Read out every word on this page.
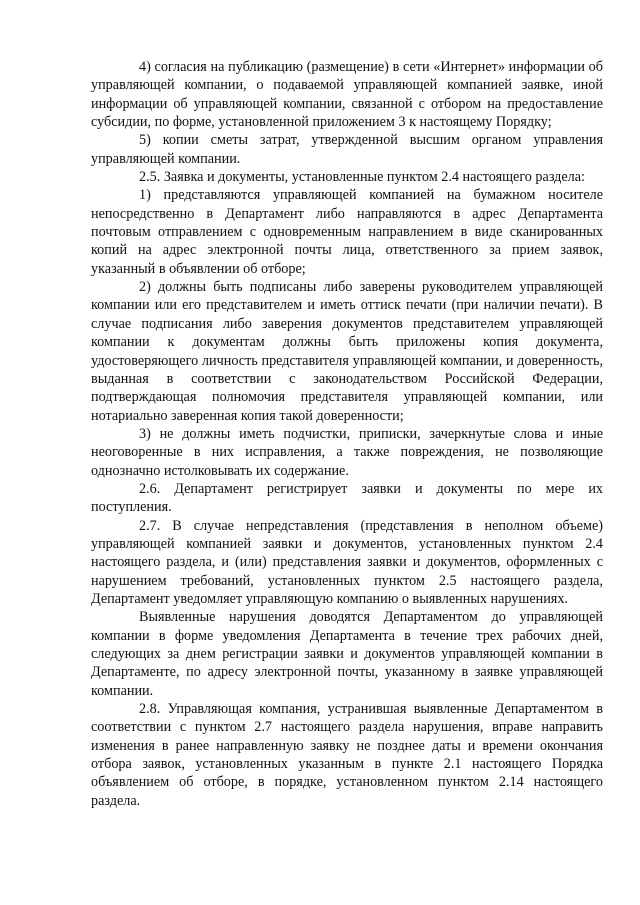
4) согласия на публикацию (размещение) в сети «Интернет» информации об управляющей компании, о подаваемой управляющей компанией заявке, иной информации об управляющей компании, связанной с отбором на предоставление субсидии, по форме, установленной приложением 3 к настоящему Порядку;

5) копии сметы затрат, утвержденной высшим органом управления управляющей компании.

2.5. Заявка и документы, установленные пунктом 2.4 настоящего раздела:

1) представляются управляющей компанией на бумажном носителе непосредственно в Департамент либо направляются в адрес Департамента почтовым отправлением с одновременным направлением в виде сканированных копий на адрес электронной почты лица, ответственного за прием заявок, указанный в объявлении об отборе;

2) должны быть подписаны либо заверены руководителем управляющей компании или его представителем и иметь оттиск печати (при наличии печати). В случае подписания либо заверения документов представителем управляющей компании к документам должны быть приложены копия документа, удостоверяющего личность представителя управляющей компании, и доверенность, выданная в соответствии с законодательством Российской Федерации, подтверждающая полномочия представителя управляющей компании, или нотариально заверенная копия такой доверенности;

3) не должны иметь подчистки, приписки, зачеркнутые слова и иные неоговоренные в них исправления, а также повреждения, не позволяющие однозначно истолковывать их содержание.

2.6. Департамент регистрирует заявки и документы по мере их поступления.

2.7. В случае непредставления (представления в неполном объеме) управляющей компанией заявки и документов, установленных пунктом 2.4 настоящего раздела, и (или) представления заявки и документов, оформленных с нарушением требований, установленных пунктом 2.5 настоящего раздела, Департамент уведомляет управляющую компанию о выявленных нарушениях.

Выявленные нарушения доводятся Департаментом до управляющей компании в форме уведомления Департамента в течение трех рабочих дней, следующих за днем регистрации заявки и документов управляющей компании в Департаменте, по адресу электронной почты, указанному в заявке управляющей компании.

2.8. Управляющая компания, устранившая выявленные Департаментом в соответствии с пунктом 2.7 настоящего раздела нарушения, вправе направить изменения в ранее направленную заявку не позднее даты и времени окончания отбора заявок, установленных указанным в пункте 2.1 настоящего Порядка объявлением об отборе, в порядке, установленном пунктом 2.14 настоящего раздела.
